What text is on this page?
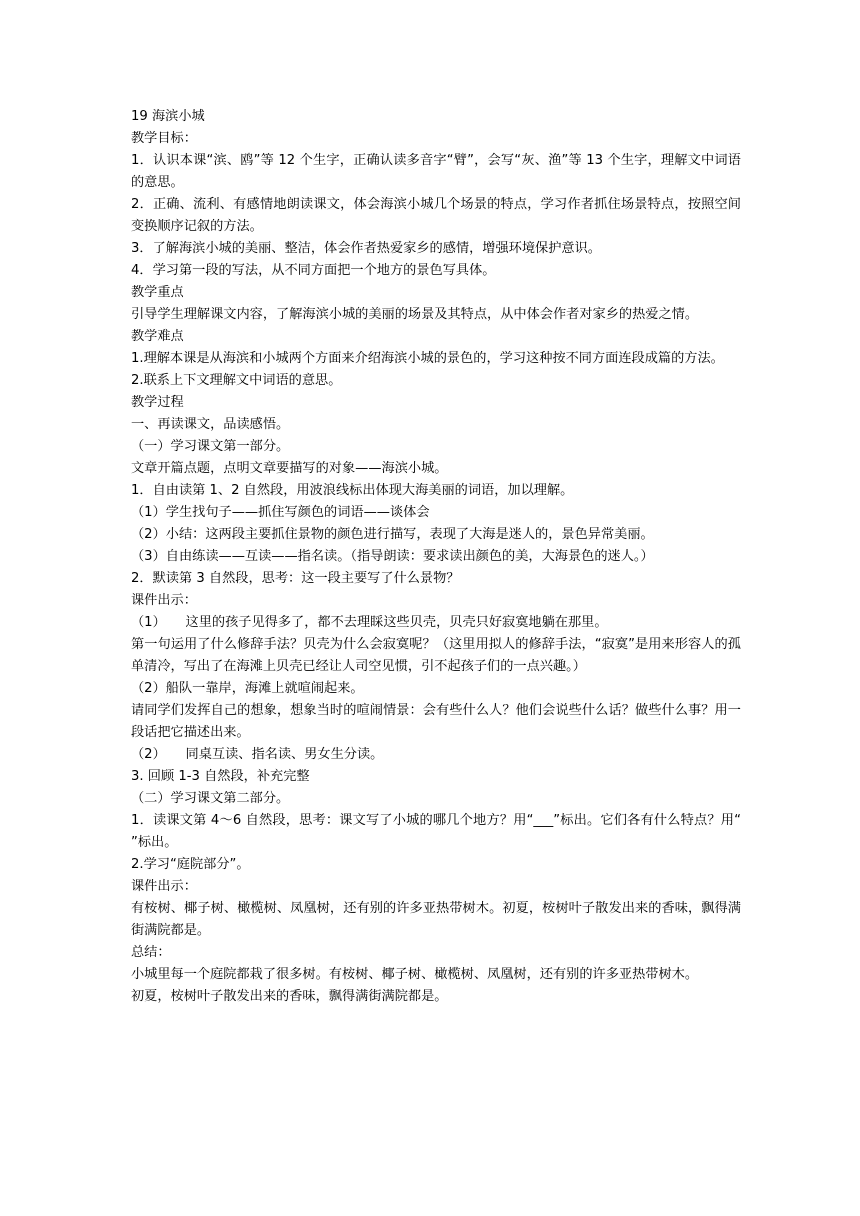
19 海滨小城

教学目标：

1．认识本课“滨、鸥”等 12 个生字，正确认读多音字“臂”，会写“灰、渔”等 13 个生字，理解文中词语的意思。

2．正确、流利、有感情地朗读课文，体会海滨小城几个场景的特点，学习作者抓住场景特点，按照空间变换顺序记叙的方法。

3．了解海滨小城的美丽、整洁，体会作者热爱家乡的感情，增强环境保护意识。

4．学习第一段的写法，从不同方面把一个地方的景色写具体。

教学重点

引导学生理解课文内容，了解海滨小城的美丽的场景及其特点，从中体会作者对家乡的热爱之情。

教学难点

1.理解本课是从海滨和小城两个方面来介绍海滨小城的景色的，学习这种按不同方面连段成篇的方法。

2.联系上下文理解文中词语的意思。

教学过程

一、再读课文，品读感悟。

（一）学习课文第一部分。

文章开篇点题，点明文章要描写的对象——海滨小城。

1．自由读第 1、2 自然段，用波浪线标出体现大海美丽的词语，加以理解。

（1）学生找句子——抓住写颜色的词语——谈体会

（2）小结：这两段主要抓住景物的颜色进行描写，表现了大海是迷人的，景色异常美丽。

（3）自由练读——互读——指名读。（指导朗读：要求读出颜色的美，大海景色的迷人。）

2．默读第 3 自然段，思考：这一段主要写了什么景物？

课件出示：

（1）　　这里的孩子见得多了，都不去理睬这些贝壳，贝壳只好寂寞地躺在那里。

第一句运用了什么修辞手法？贝壳为什么会寂寞呢？（这里用拟人的修辞手法，“寂寞”是用来形容人的孤单清冷，写出了在海滩上贝壳已经让人司空见惯，引不起孩子们的一点兴趣。）

（2）船队一靠岸，海滩上就喧闹起来。

请同学们发挥自己的想象，想象当时的喧闹情景：会有些什么人？他们会说些什么话？做些什么事？用一段话把它描述出来。

（2）　　同桌互读、指名读、男女生分读。

3. 回顾 1-3 自然段，补充完整

（二）学习课文第二部分。

1．读课文第 4～6 自然段，思考：课文写了小城的哪几个地方？用“___”标出。它们各有什么特点？用“　　”标出。

2.学习“庭院部分”。

课件出示：

有桉树、椰子树、橄榄树、凤凰树，还有别的许多亚热带树木。初夏，桉树叶子散发出来的香味，飘得满街满院都是。

总结：

小城里每一个庭院都栽了很多树。有桉树、椰子树、橄榄树、凤凰树，还有别的许多亚热带树木。

初夏，桉树叶子散发出来的香味，飘得满街满院都是。
